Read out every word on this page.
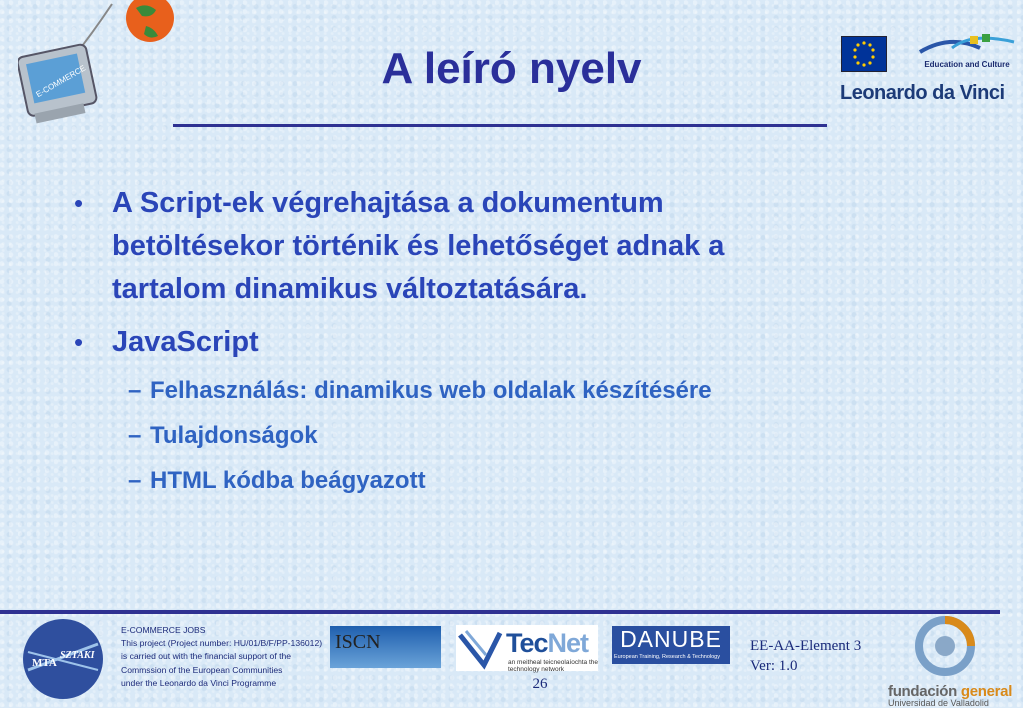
A leíró nyelv
E-COMMERCE	Education and Culture
Leonardo da Vinci
• A Script-ek végrehajtása a dokumentum
betöltésekor történik és lehetőséget adnak a
tartalom dinamikus változtatására.
• JavaScript
– Felhasználás: dinamikus web oldalak készítésére
– Tulajdonságok
– HTML kódba beágyazott
MTA
SZTAKI
E-COMMERCE JOBS
This project (Project number: HU/01/B/F/PP-136012)
is carried out with the financial support of the
Commssion of the European Communities
under the Leonardo da Vinci Programme
ISCN	TecNet
an meitheal teicneolaíochta the technology network
DANUBE
European Training, Research & Technology
26
EE-AA-Element 3
Ver: 1.0
fundación general
Universidad de Valladolid
